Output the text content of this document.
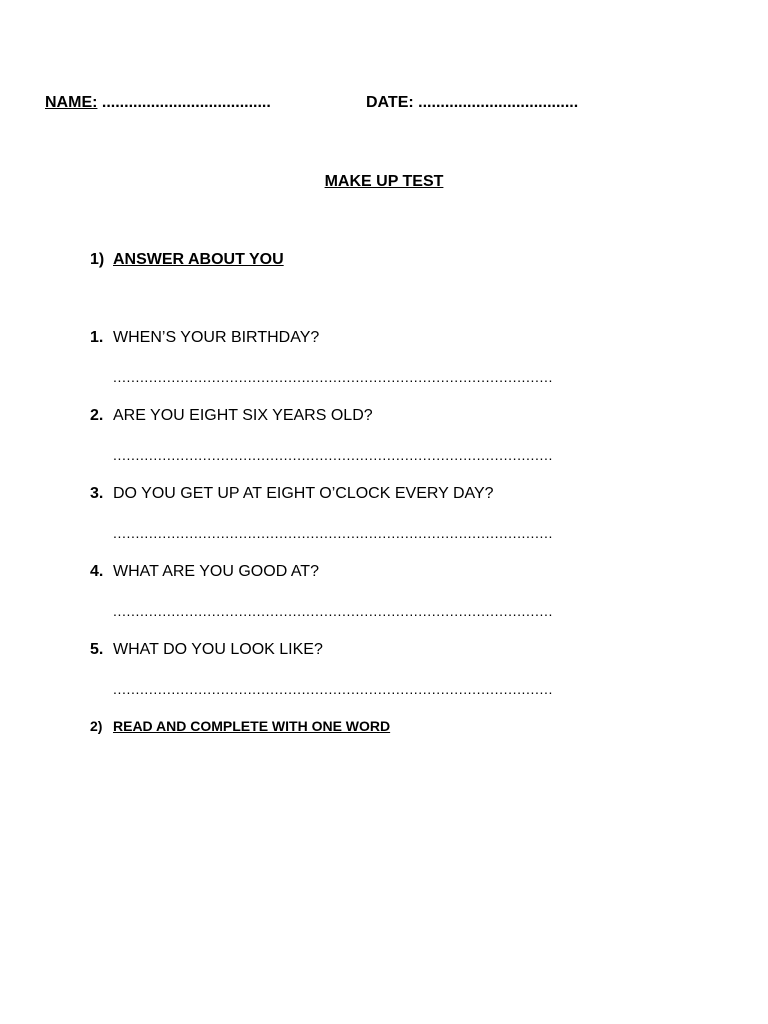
NAME: ......................................	DATE: ....................................
MAKE UP TEST
1) ANSWER ABOUT YOU
1. WHEN’S YOUR BIRTHDAY?
..................................................................................................
2. ARE YOU EIGHT SIX YEARS OLD?
..................................................................................................
3. DO YOU GET UP AT EIGHT O’CLOCK EVERY DAY?
..................................................................................................
4. WHAT ARE YOU GOOD AT?
..................................................................................................
5. WHAT DO YOU LOOK LIKE?
..................................................................................................
2) READ AND COMPLETE WITH ONE WORD
